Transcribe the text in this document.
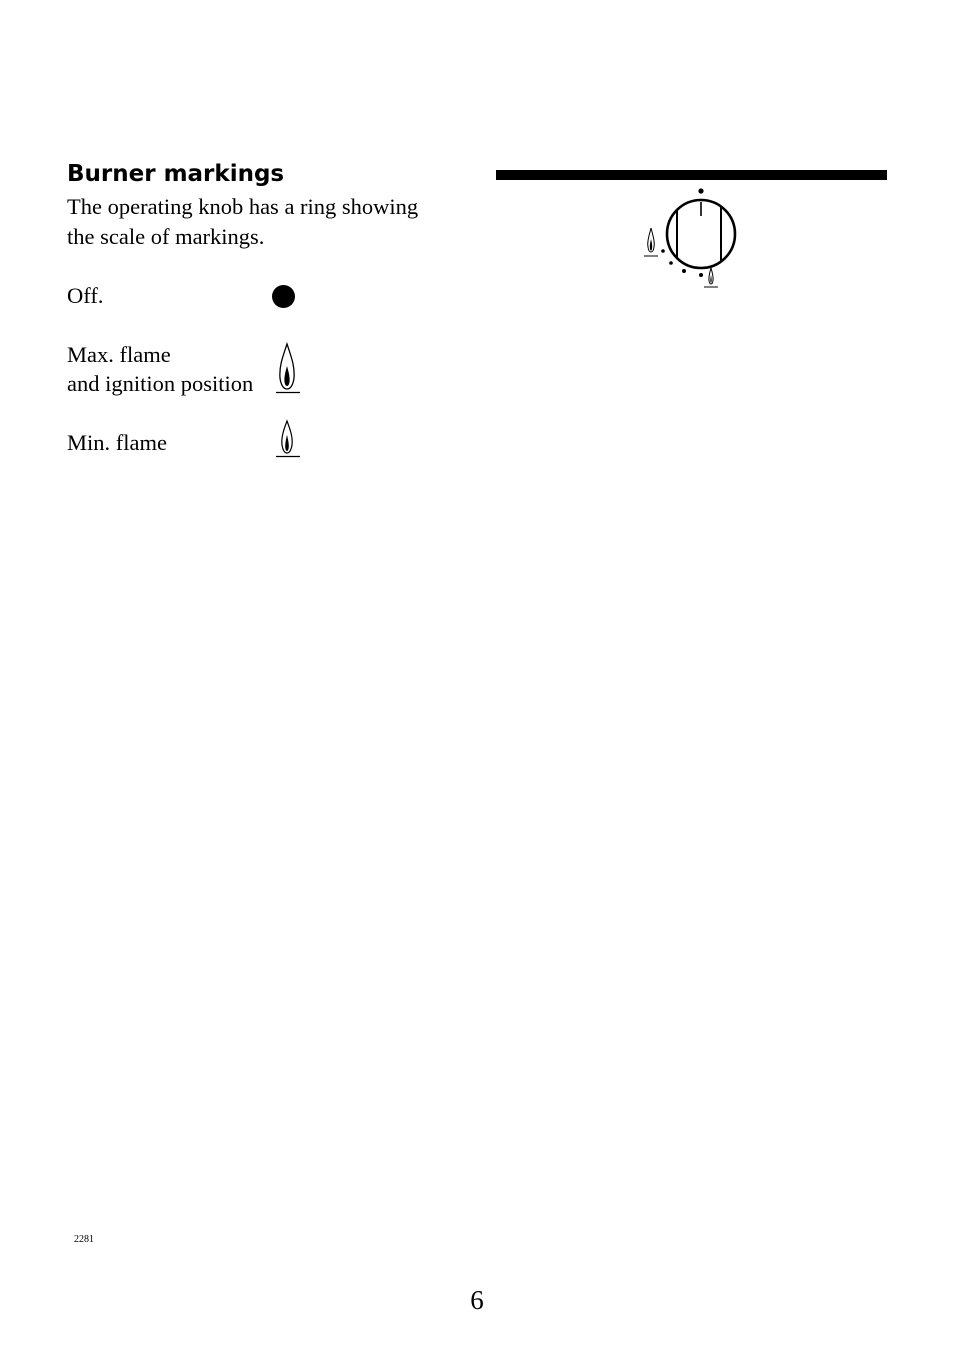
Burner markings
The operating knob has a ring showing
the scale of markings.
Off.
Max. flame
and ignition position
Min. flame
2281
6
